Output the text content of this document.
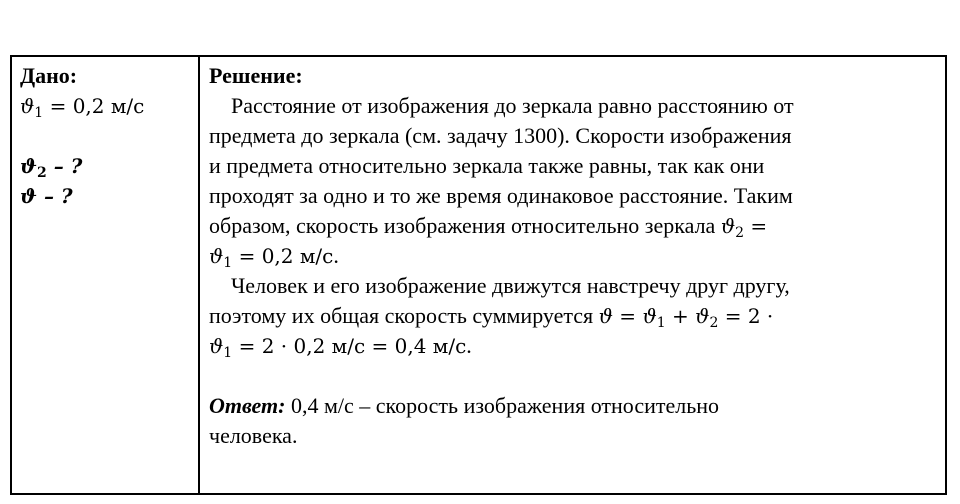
Дано:
$ϑ_1 = 0,2$ м/с
$ϑ_2$ – ?
ϑ – ?
Решение:
Расстояние от изображения до зеркала равно расстоянию от
предмета до зеркала (см. задачу 1300). Скорости изображения
и предмета относительно зеркала также равны, так как они
проходят за одно и то же время одинаковое расстояние. Таким
образом, скорость изображения относительно зеркала $ϑ_2$ =
$ϑ_1 = 0,2$ м/с.
Человек и его изображение движутся навстречу друг другу,
поэтому их общая скорость суммируется $ϑ = ϑ_1 + ϑ_2 = 2$ ·
$ϑ_1 = 2 \cdot 0,2$ м/с = 0,4 м/с.
Ответ: 0,4 м/с – скорость изображения относительно
человека.
